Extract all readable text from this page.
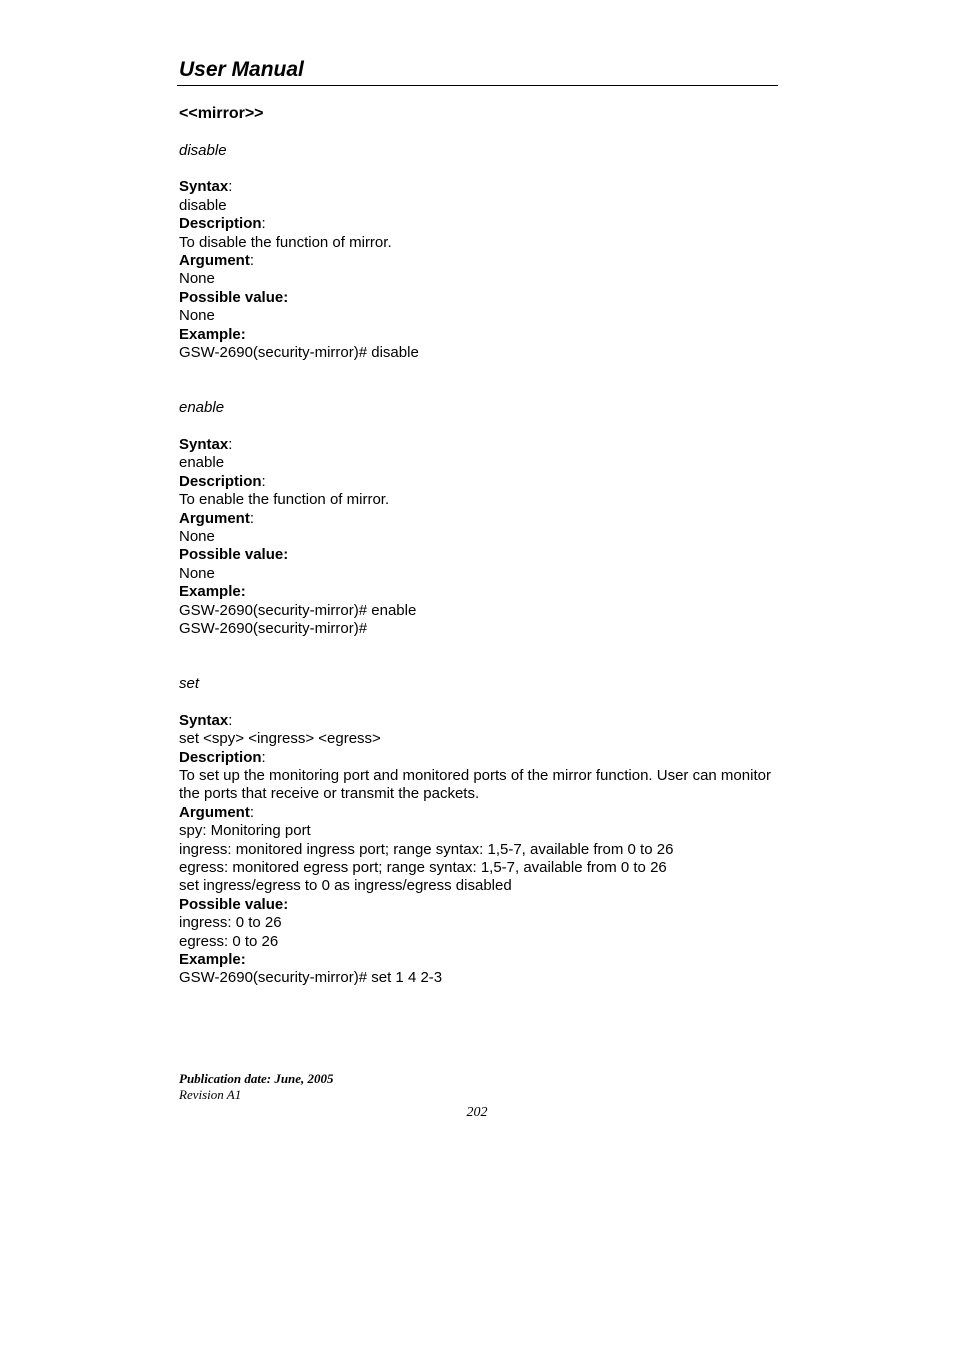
User Manual

<<mirror>>

disable

Syntax:

disable

Description:

To disable the function of mirror.

Argument:

None

Possible value:

None

Example:

GSW-2690(security-mirror)# disable

enable

Syntax:

enable

Description:

To enable the function of mirror.

Argument:

None

Possible value:

None

Example:

GSW-2690(security-mirror)# enable

GSW-2690(security-mirror)#

set

Syntax:

set <spy> <ingress> <egress>

Description:

To set up the monitoring port and monitored ports of the mirror function. User can monitor the ports that receive or transmit the packets.

Argument:

spy: Monitoring port

ingress: monitored ingress port; range syntax: 1,5-7, available from 0 to 26

egress: monitored egress port; range syntax: 1,5-7, available from 0 to 26

set ingress/egress to 0 as ingress/egress disabled

Possible value:

ingress: 0 to 26

egress: 0 to 26

Example:

GSW-2690(security-mirror)# set 1 4 2-3

Publication date: June, 2005
Revision A1
202
